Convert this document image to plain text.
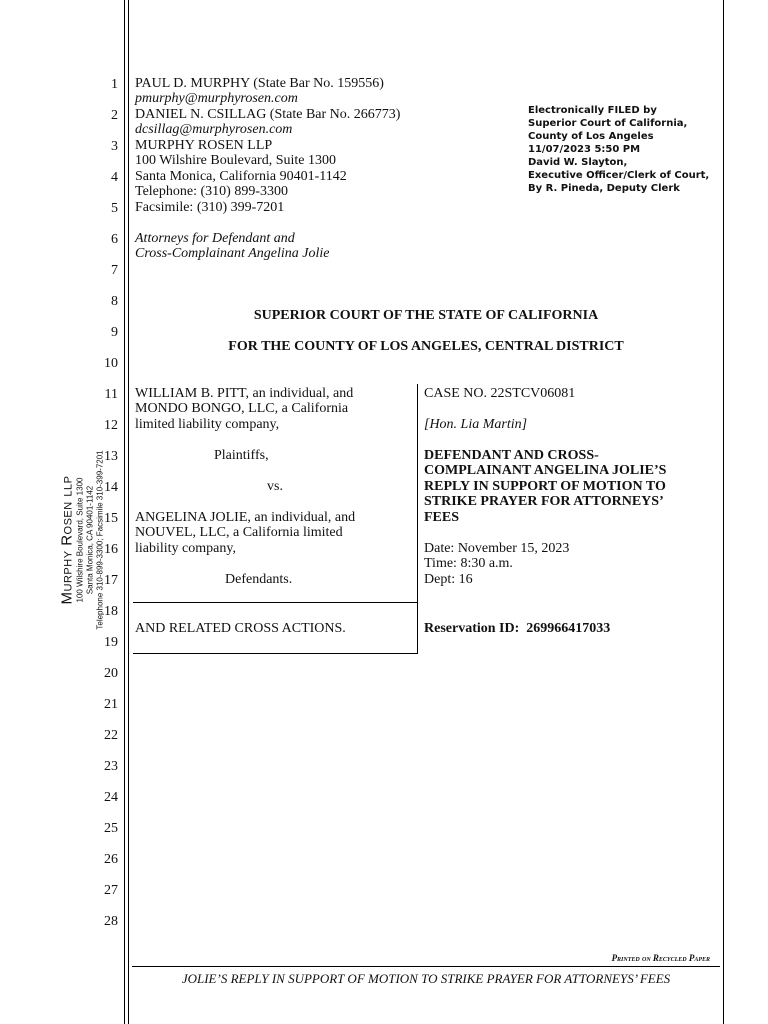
1
2
3
4
5
6
7
8
9
10
11
12
13
14
15
16
17
18
19
20
21
22
23
24
25
26
27
28
Murphy Rosen llp 100 Wilshire Boulevard, Suite 1300 Santa Monica, CA 90401-1142 Telephone 310-899-3300; Facsimile 310-399-7201
PAUL D. MURPHY (State Bar No. 159556)
pmurphy@murphyrosen.com
DANIEL N. CSILLAG (State Bar No. 266773)
dcsillag@murphyrosen.com
MURPHY ROSEN LLP
100 Wilshire Boulevard, Suite 1300
Santa Monica, California 90401-1142
Telephone: (310) 899-3300
Facsimile: (310) 399-7201
Attorneys for Defendant and
Cross-Complainant Angelina Jolie
Electronically FILED by
Superior Court of California,
County of Los Angeles
11/07/2023 5:50 PM
David W. Slayton,
Executive Officer/Clerk of Court,
By R. Pineda, Deputy Clerk
SUPERIOR COURT OF THE STATE OF CALIFORNIA
FOR THE COUNTY OF LOS ANGELES, CENTRAL DISTRICT
WILLIAM B. PITT, an individual, and
MONDO BONGO, LLC, a California
limited liability company,
Plaintiffs,
vs.
ANGELINA JOLIE, an individual, and
NOUVEL, LLC, a California limited
liability company,
Defendants.
AND RELATED CROSS ACTIONS.
CASE NO. 22STCV06081
[Hon. Lia Martin]
DEFENDANT AND CROSS-
COMPLAINANT ANGELINA JOLIE’S
REPLY IN SUPPORT OF MOTION TO
STRIKE PRAYER FOR ATTORNEYS’
FEES
Date: November 15, 2023
Time: 8:30 a.m.
Dept: 16
Reservation ID: 269966417033
Printed on Recycled Paper
JOLIE’S REPLY IN SUPPORT OF MOTION TO STRIKE PRAYER FOR ATTORNEYS’ FEES
